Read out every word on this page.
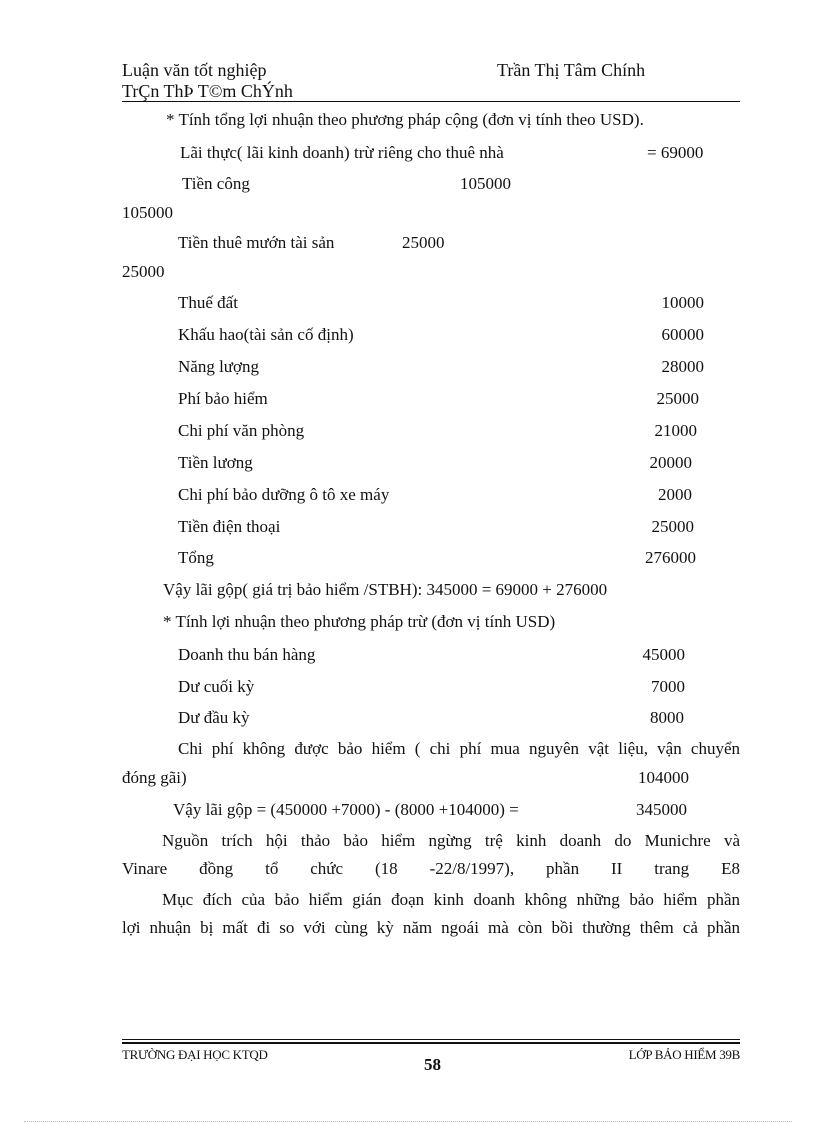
Luận văn tốt nghiệp	Trần Thị Tâm Chính
TrÇn ThÞ T©m ChÝnh
* Tính tổng lợi nhuận theo phương pháp cộng (đơn vị tính theo USD).
Lãi thực( lãi kinh doanh) trừ riêng cho thuê nhà	= 69000
Tiền công	105000
105000
Tiền thuê mướn tài sản	25000
25000
Thuế đất	10000
Khấu hao(tài sản cố định)	60000
Năng lượng	28000
Phí bảo hiểm	25000
Chi phí văn phòng	21000
Tiền lương	20000
Chi phí bảo dưỡng ô tô xe máy	2000
Tiền điện thoại	25000
Tổng	276000
Vậy lãi gộp( giá trị bảo hiểm /STBH): 345000 = 69000 + 276000
* Tính lợi nhuận theo phương pháp trừ (đơn vị tính USD)
Doanh thu bán hàng	45000
Dư cuối kỳ	7000
Dư đầu kỳ	8000
Chi phí không được bảo hiểm ( chi phí mua nguyên vật liệu, vận chuyển
đóng gãi)	104000
Vậy lãi gộp = (450000 +7000) - (8000 +104000) =	345000
Nguồn trích hội thảo bảo hiểm ngừng trệ kinh doanh do Munichre và
Vinare đồng tổ chức (18 -22/8/1997), phần II trang E8
Mục đích của bảo hiểm gián đoạn kinh doanh không những bảo hiểm phần
lợi nhuận bị mất đi so với cùng kỳ năm ngoái mà còn bồi thường thêm cả phần
TRƯỜNG ĐẠI HỌC KTQD	LỚP BẢO HIỂM 39B
58
